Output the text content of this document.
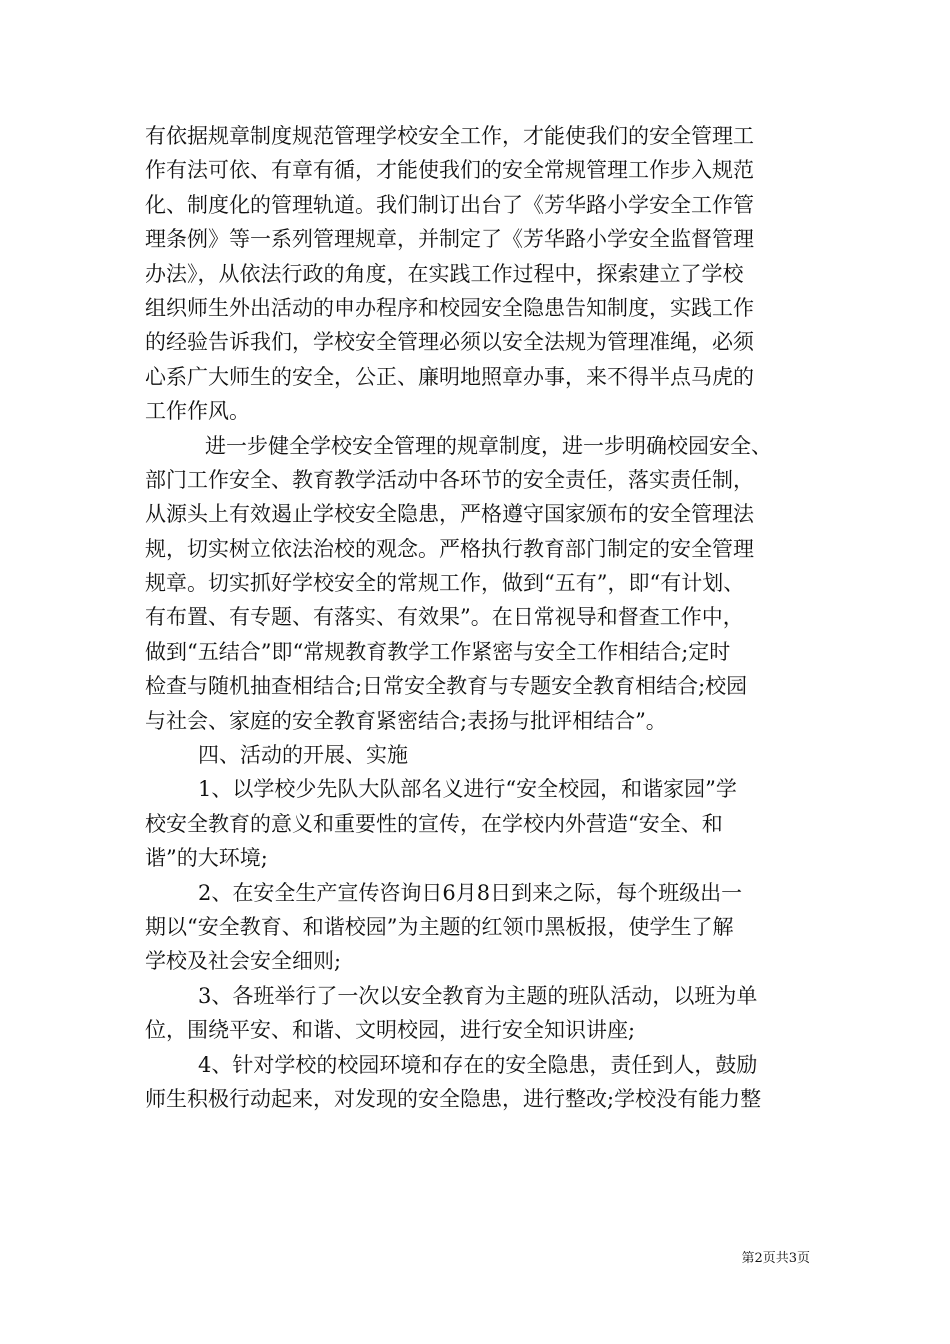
有依据规章制度规范管理学校安全工作，才能使我们的安全管理工
作有法可依、有章有循，才能使我们的安全常规管理工作步入规范
化、制度化的管理轨道。我们制订出台了《芳华路小学安全工作管
理条例》等一系列管理规章，并制定了《芳华路小学安全监督管理
办法》，从依法行政的角度，在实践工作过程中，探索建立了学校
组织师生外出活动的申办程序和校园安全隐患告知制度，实践工作
的经验告诉我们，学校安全管理必须以安全法规为管理准绳，必须
心系广大师生的安全，公正、廉明地照章办事，来不得半点马虎的
工作作风。
进一步健全学校安全管理的规章制度，进一步明确校园安全、
部门工作安全、教育教学活动中各环节的安全责任，落实责任制，
从源头上有效遏止学校安全隐患，严格遵守国家颁布的安全管理法
规，切实树立依法治校的观念。严格执行教育部门制定的安全管理
规章。切实抓好学校安全的常规工作，做到“五有”，即“有计划、
有布置、有专题、有落实、有效果”。在日常视导和督查工作中，
做到“五结合”即“常规教育教学工作紧密与安全工作相结合;定时
检查与随机抽查相结合;日常安全教育与专题安全教育相结合;校园
与社会、家庭的安全教育紧密结合;表扬与批评相结合”。
四、活动的开展、实施
1、以学校少先队大队部名义进行“安全校园，和谐家园”学
校安全教育的意义和重要性的宣传，在学校内外营造“安全、和
谐”的大环境;
2、在安全生产宣传咨询日6月8日到来之际，每个班级出一
期以“安全教育、和谐校园”为主题的红领巾黑板报，使学生了解
学校及社会安全细则;
3、各班举行了一次以安全教育为主题的班队活动，以班为单
位，围绕平安、和谐、文明校园，进行安全知识讲座;
4、针对学校的校园环境和存在的安全隐患，责任到人，鼓励
师生积极行动起来，对发现的安全隐患，进行整改;学校没有能力整
第2页共3页
